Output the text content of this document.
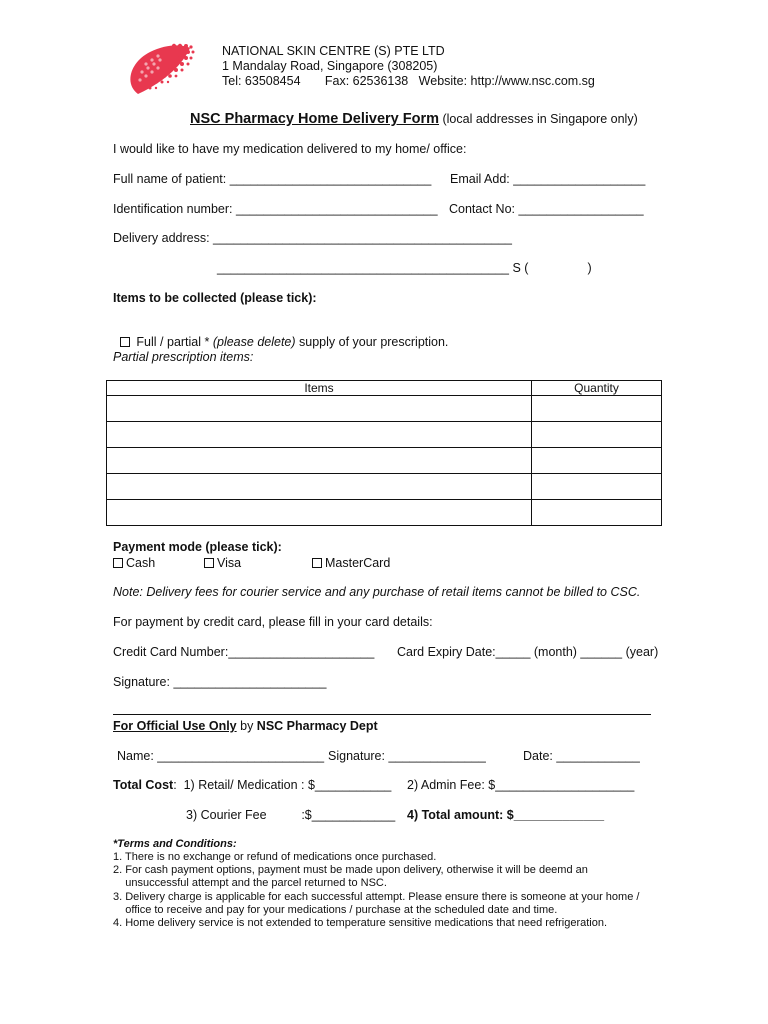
NATIONAL SKIN CENTRE (S) PTE LTD
1 Mandalay Road, Singapore (308205)
Tel: 63508454       Fax: 62536138   Website: http://www.nsc.com.sg
NSC Pharmacy Home Delivery Form (local addresses in Singapore only)
I would like to have my medication delivered to my home/ office:
Full name of patient: _____________________________ Email Add: ___________________
Identification number: _____________________________ Contact No: __________________
Delivery address: ___________________________________________
__________________________________________ S (                 )
Items to be collected (please tick):

Full / partial * (please delete) supply of your prescription.

Partial prescription items:
Items	Quantity

Payment mode (please tick):
Cash	Visa	MasterCard
Note: Delivery fees for courier service and any purchase of retail items cannot be billed to CSC.
For payment by credit card, please fill in your card details:
Credit Card Number:_____________________ Card Expiry Date:_____ (month) ______ (year)
Signature: ______________________
For Official Use Only by NSC Pharmacy Dept
Name: ________________________ Signature: ______________	Date: ____________
Total Cost:  1) Retail/ Medication : $___________ 2) Admin Fee: $____________________
3) Courier Fee          :$____________ 4) Total amount: $_____________
*Terms and Conditions:
1. There is no exchange or refund of medications once purchased.
2. For cash payment options, payment must be made upon delivery, otherwise it will be deemd an
unsuccessful attempt and the parcel returned to NSC.
3. Delivery charge is applicable for each successful attempt. Please ensure there is someone at your home /
office to receive and pay for your medications / purchase at the scheduled date and time.
4. Home delivery service is not extended to temperature sensitive medications that need refrigeration.
